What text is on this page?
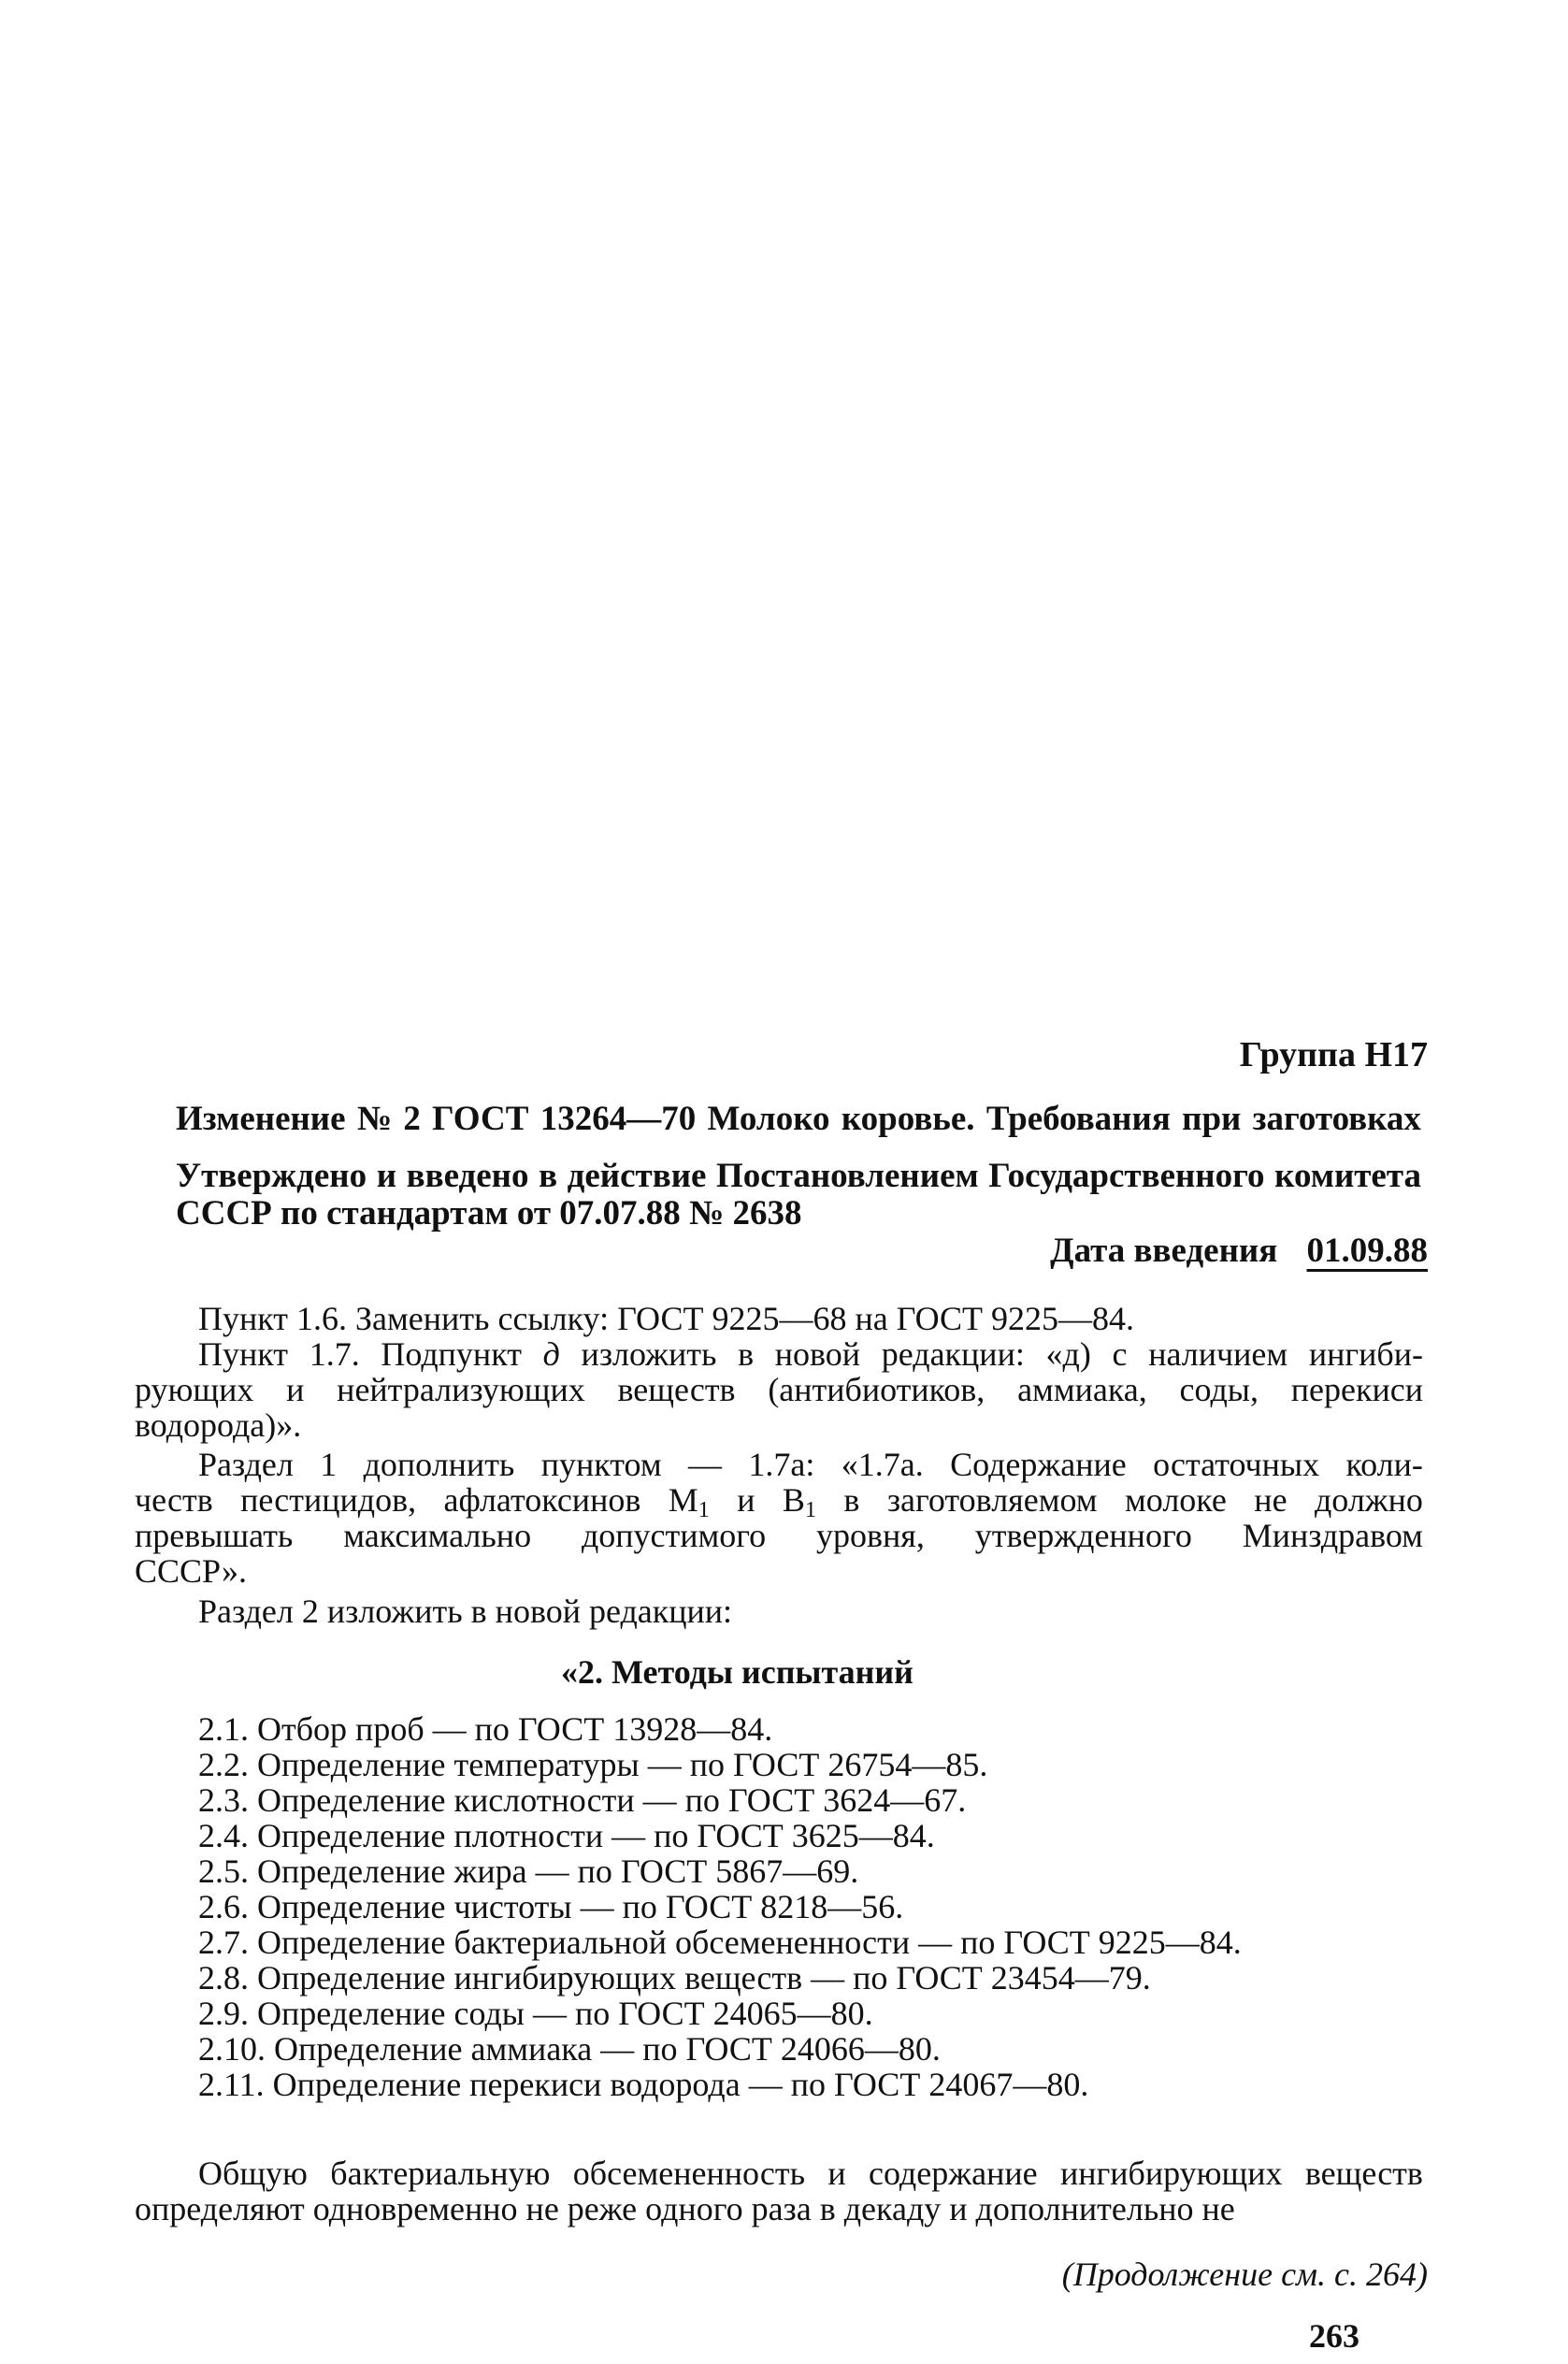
Группа Н17
Изменение № 2 ГОСТ 13264—70 Молоко коровье. Требования при заготовках
Утверждено и введено в действие Постановлением Государственного комитета
СССР по стандартам от 07.07.88 № 2638
Дата введения 01.09.88
Пункт 1.6. Заменить ссылку: ГОСТ 9225—68 на ГОСТ 9225—84.
Пункт 1.7. Подпункт д изложить в новой редакции: «д) с наличием ингиби-
рующих и нейтрализующих веществ (антибиотиков, аммиака, соды, перекиси
водорода)».
Раздел 1 дополнить пунктом — 1.7а: «1.7а. Содержание остаточных коли-
честв пестицидов, афлатоксинов $M_1$ и $B_1$ в заготовляемом молоке не должно
превышать максимально допустимого уровня, утвержденного Минздравом
СССР».
Раздел 2 изложить в новой редакции:
«2. Методы испытаний
2.1. Отбор проб — по ГОСТ 13928—84.
2.2. Определение температуры — по ГОСТ 26754—85.
2.3. Определение кислотности — по ГОСТ 3624—67.
2.4. Определение плотности — по ГОСТ 3625—84.
2.5. Определение жира — по ГОСТ 5867—69.
2.6. Определение чистоты — по ГОСТ 8218—56.
2.7. Определение бактериальной обсемененности — по ГОСТ 9225—84.
2.8. Определение ингибирующих веществ — по ГОСТ 23454—79.
2.9. Определение соды — по ГОСТ 24065—80.
2.10. Определение аммиака — по ГОСТ 24066—80.
2.11. Определение перекиси водорода — по ГОСТ 24067—80.
Общую бактериальную обсемененность и содержание ингибирующих веществ
определяют одновременно не реже одного раза в декаду и дополнительно не
(Продолжение см. с. 264)
263
